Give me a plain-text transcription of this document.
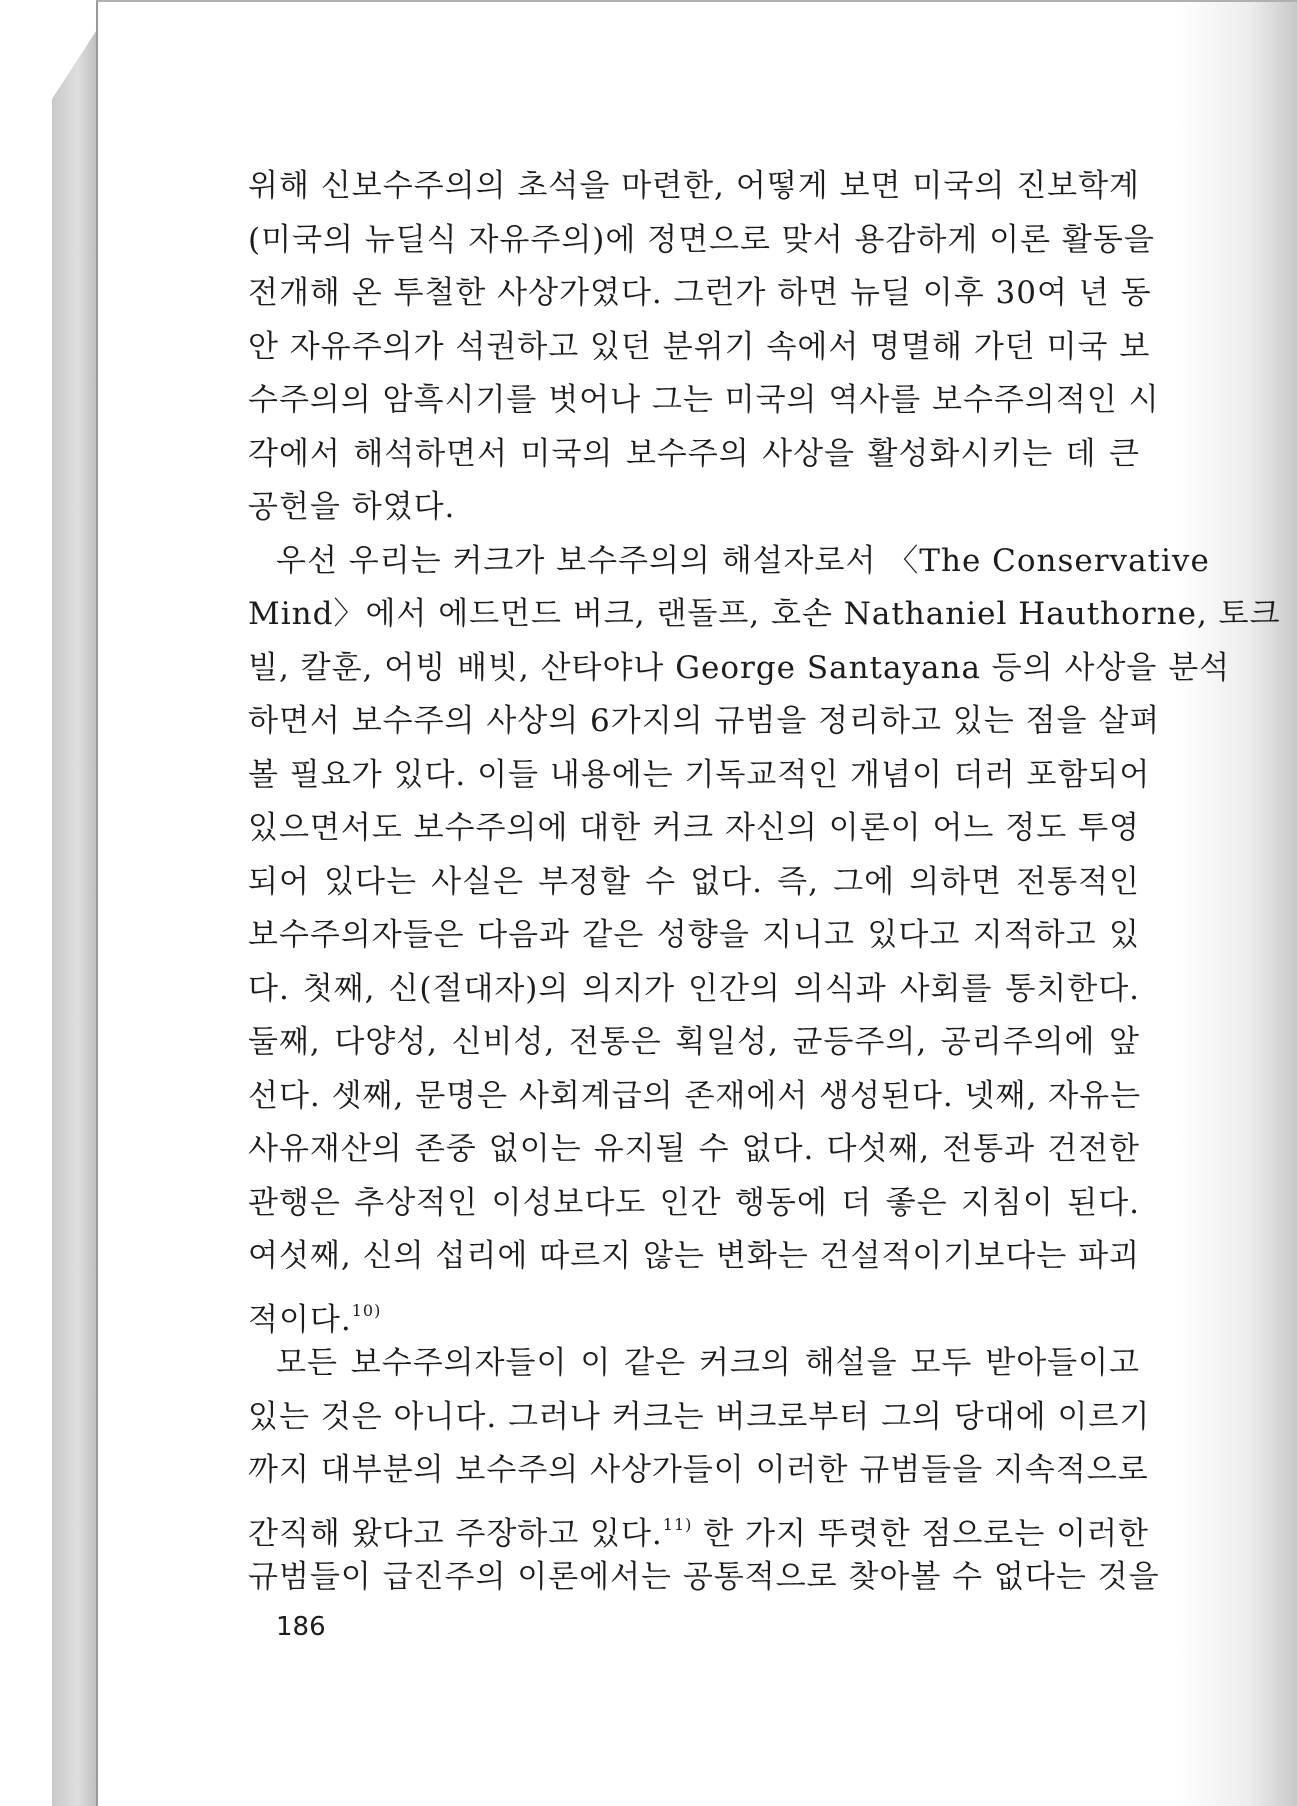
위해 신보수주의의 초석을 마련한, 어떻게 보면 미국의 진보학계
(미국의 뉴딜식 자유주의)에 정면으로 맞서 용감하게 이론 활동을
전개해 온 투철한 사상가였다. 그런가 하면 뉴딜 이후 30여 년 동
안 자유주의가 석권하고 있던 분위기 속에서 명멸해 가던 미국 보
수주의의 암흑시기를 벗어나 그는 미국의 역사를 보수주의적인 시
각에서 해석하면서 미국의 보수주의 사상을 활성화시키는 데 큰
공헌을 하였다.
우선 우리는 커크가 보수주의의 해설자로서 〈The Conservative
Mind〉에서 에드먼드 버크, 랜돌프, 호손 Nathaniel Hauthorne, 토크
빌, 칼훈, 어빙 배빗, 산타야나 George Santayana 등의 사상을 분석
하면서 보수주의 사상의 6가지의 규범을 정리하고 있는 점을 살펴
볼 필요가 있다. 이들 내용에는 기독교적인 개념이 더러 포함되어
있으면서도 보수주의에 대한 커크 자신의 이론이 어느 정도 투영
되어 있다는 사실은 부정할 수 없다. 즉, 그에 의하면 전통적인
보수주의자들은 다음과 같은 성향을 지니고 있다고 지적하고 있
다. 첫째, 신(절대자)의 의지가 인간의 의식과 사회를 통치한다.
둘째, 다양성, 신비성, 전통은 획일성, 균등주의, 공리주의에 앞
선다. 셋째, 문명은 사회계급의 존재에서 생성된다. 넷째, 자유는
사유재산의 존중 없이는 유지될 수 없다. 다섯째, 전통과 건전한
관행은 추상적인 이성보다도 인간 행동에 더 좋은 지침이 된다.
여섯째, 신의 섭리에 따르지 않는 변화는 건설적이기보다는 파괴
적이다.$^{10)}$
모든 보수주의자들이 이 같은 커크의 해설을 모두 받아들이고
있는 것은 아니다. 그러나 커크는 버크로부터 그의 당대에 이르기
까지 대부분의 보수주의 사상가들이 이러한 규범들을 지속적으로
간직해 왔다고 주장하고 있다.$^{11)}$ 한 가지 뚜렷한 점으로는 이러한
규범들이 급진주의 이론에서는 공통적으로 찾아볼 수 없다는 것을
186
